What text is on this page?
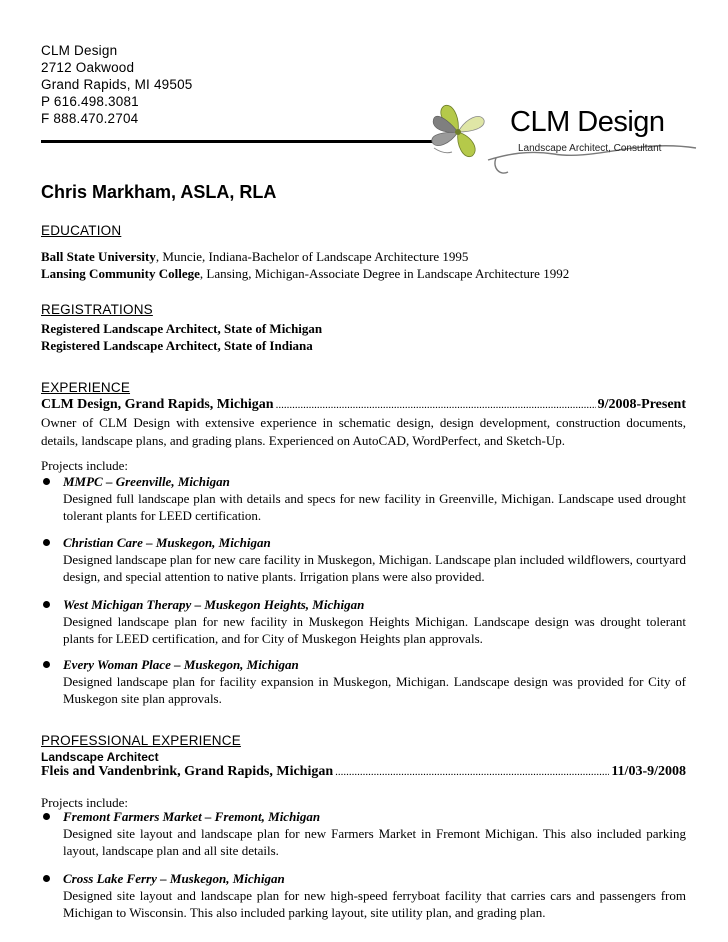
CLM Design
2712 Oakwood
Grand Rapids, MI 49505
P 616.498.3081
F 888.470.2704	CLM Design
Landscape Architect, Consultant
Chris Markham, ASLA, RLA
EDUCATION
Ball State University, Muncie, Indiana-Bachelor of Landscape Architecture 1995
Lansing Community College, Lansing, Michigan-Associate Degree in Landscape Architecture 1992
REGISTRATIONS
Registered Landscape Architect, State of Michigan
Registered Landscape Architect, State of Indiana
EXPERIENCE
CLM Design, Grand Rapids, Michigan .....	9/2008-Present
Owner of CLM Design with extensive experience in schematic design, design development, construction documents, details, landscape plans, and grading plans. Experienced on AutoCAD, WordPerfect, and Sketch-Up.
Projects include:
MMPC – Greenville, Michigan
Designed full landscape plan with details and specs for new facility in Greenville, Michigan. Landscape used drought tolerant plants for LEED certification.
Christian Care – Muskegon, Michigan
Designed landscape plan for new care facility in Muskegon, Michigan. Landscape plan included wildflowers, courtyard design, and special attention to native plants. Irrigation plans were also provided.
West Michigan Therapy – Muskegon Heights, Michigan
Designed landscape plan for new facility in Muskegon Heights Michigan. Landscape design was drought tolerant plants for LEED certification, and for City of Muskegon Heights plan approvals.
Every Woman Place – Muskegon, Michigan
Designed landscape plan for facility expansion in Muskegon, Michigan. Landscape design was provided for City of Muskegon site plan approvals.
PROFESSIONAL EXPERIENCE
Landscape Architect
Fleis and Vandenbrink, Grand Rapids, Michigan .....	11/03-9/2008
Projects include:
Fremont Farmers Market – Fremont, Michigan
Designed site layout and landscape plan for new Farmers Market in Fremont Michigan. This also included parking layout, landscape plan and all site details.
Cross Lake Ferry – Muskegon, Michigan
Designed site layout and landscape plan for new high-speed ferryboat facility that carries cars and passengers from Michigan to Wisconsin. This also included parking layout, site utility plan, and grading plan.
